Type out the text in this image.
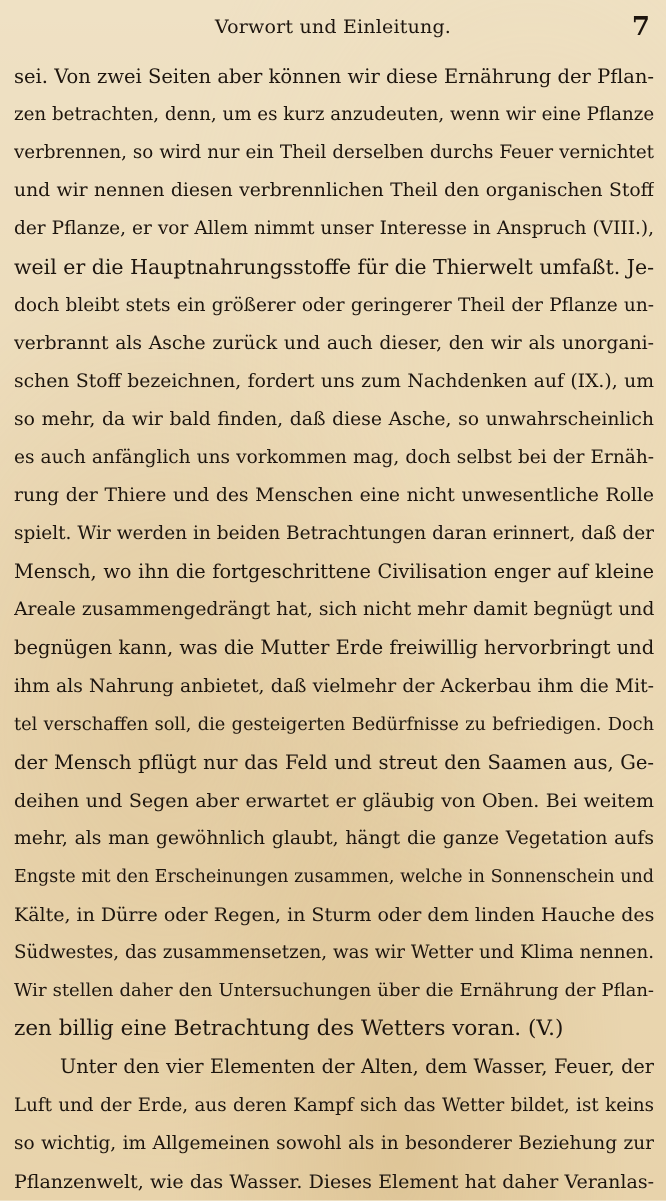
Vorwort und Einleitung.	7
sei. Von zwei Seiten aber können wir diese Ernährung der Pflan-
zen betrachten, denn, um es kurz anzudeuten, wenn wir eine Pflanze
verbrennen, so wird nur ein Theil derselben durchs Feuer vernichtet
und wir nennen diesen verbrennlichen Theil den organischen Stoff
der Pflanze, er vor Allem nimmt unser Interesse in Anspruch (VIII.),
weil er die Hauptnahrungsstoffe für die Thierwelt umfaßt. Je-
doch bleibt stets ein größerer oder geringerer Theil der Pflanze un-
verbrannt als Asche zurück und auch dieser, den wir als unorgani-
schen Stoff bezeichnen, fordert uns zum Nachdenken auf (IX.), um
so mehr, da wir bald finden, daß diese Asche, so unwahrscheinlich
es auch anfänglich uns vorkommen mag, doch selbst bei der Ernäh-
rung der Thiere und des Menschen eine nicht unwesentliche Rolle
spielt. Wir werden in beiden Betrachtungen daran erinnert, daß der
Mensch, wo ihn die fortgeschrittene Civilisation enger auf kleine
Areale zusammengedrängt hat, sich nicht mehr damit begnügt und
begnügen kann, was die Mutter Erde freiwillig hervorbringt und
ihm als Nahrung anbietet, daß vielmehr der Ackerbau ihm die Mit-
tel verschaffen soll, die gesteigerten Bedürfnisse zu befriedigen. Doch
der Mensch pflügt nur das Feld und streut den Saamen aus, Ge-
deihen und Segen aber erwartet er gläubig von Oben. Bei weitem
mehr, als man gewöhnlich glaubt, hängt die ganze Vegetation aufs
Engste mit den Erscheinungen zusammen, welche in Sonnenschein und
Kälte, in Dürre oder Regen, in Sturm oder dem linden Hauche des
Südwestes, das zusammensetzen, was wir Wetter und Klima nennen.
Wir stellen daher den Untersuchungen über die Ernährung der Pflan-
zen billig eine Betrachtung des Wetters voran. (V.)
Unter den vier Elementen der Alten, dem Wasser, Feuer, der
Luft und der Erde, aus deren Kampf sich das Wetter bildet, ist keins
so wichtig, im Allgemeinen sowohl als in besonderer Beziehung zur
Pflanzenwelt, wie das Wasser. Dieses Element hat daher Veranlas-
